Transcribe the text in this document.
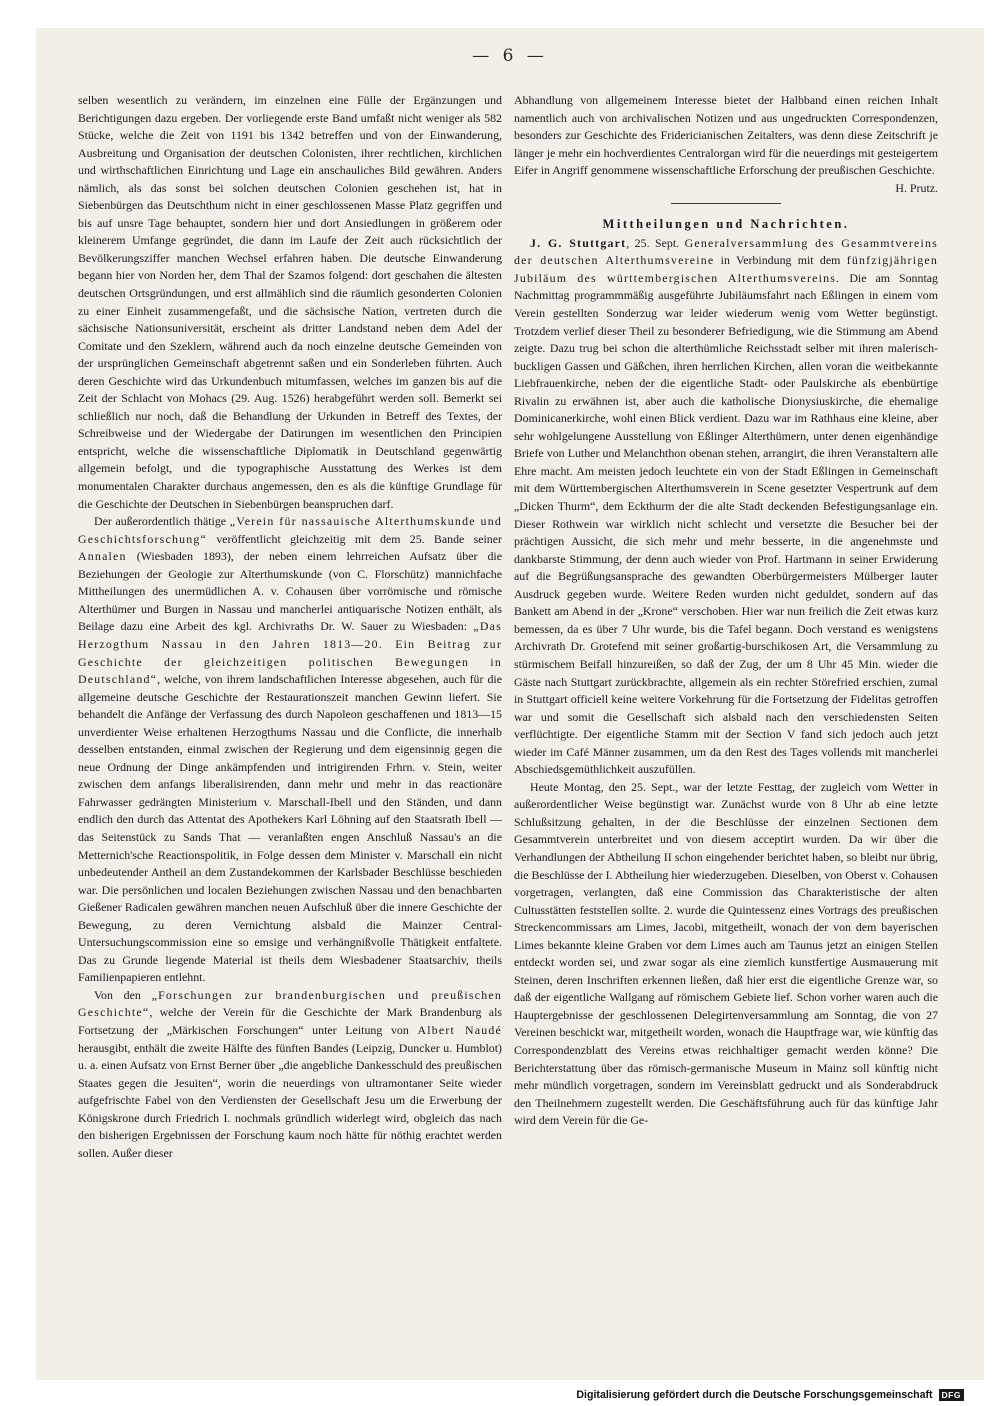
— 6 —

selben wesentlich zu verändern, im einzelnen eine Fülle der Ergänzungen und Berichtigungen dazu ergeben. Der vorliegende erste Band umfaßt nicht weniger als 582 Stücke, welche die Zeit von 1191 bis 1342 betreffen und von der Einwanderung, Ausbreitung und Organisation der deutschen Colonisten, ihrer rechtlichen, kirchlichen und wirthschaftlichen Einrichtung und Lage ein anschauliches Bild gewähren. Anders nämlich, als das sonst bei solchen deutschen Colonien geschehen ist, hat in Siebenbürgen das Deutschthum nicht in einer geschlossenen Masse Platz gegriffen und bis auf unsre Tage behauptet, sondern hier und dort Ansiedlungen in größerem oder kleinerem Umfange gegründet, die dann im Laufe der Zeit auch rücksichtlich der Bevölkerungsziffer manchen Wechsel erfahren haben. Die deutsche Einwanderung begann hier von Norden her, dem Thal der Szamos folgend: dort geschahen die ältesten deutschen Ortsgründungen, und erst allmählich sind die räumlich gesonderten Colonien zu einer Einheit zusammengefaßt, und die sächsische Nation, vertreten durch die sächsische Nationsuniversität, erscheint als dritter Landstand neben dem Adel der Comitate und den Szeklern, während auch da noch einzelne deutsche Gemeinden von der ursprünglichen Gemeinschaft abgetrennt saßen und ein Sonderleben führten. Auch deren Geschichte wird das Urkundenbuch mitumfassen, welches im ganzen bis auf die Zeit der Schlacht von Mohacs (29. Aug. 1526) herabgeführt werden soll. Bemerkt sei schließlich nur noch, daß die Behandlung der Urkunden in Betreff des Textes, der Schreibweise und der Wiedergabe der Datirungen im wesentlichen den Principien entspricht, welche die wissenschaftliche Diplomatik in Deutschland gegenwärtig allgemein befolgt, und die typographische Ausstattung des Werkes ist dem monumentalen Charakter durchaus angemessen, den es als die künftige Grundlage für die Geschichte der Deutschen in Siebenbürgen beanspruchen darf.

Der außerordentlich thätige „Verein für nassauische Alterthumskunde und Geschichtsforschung“ veröffentlicht gleichzeitig mit dem 25. Bande seiner Annalen (Wiesbaden 1893), der neben einem lehrreichen Aufsatz über die Beziehungen der Geologie zur Alterthumskunde (von C. Florschütz) mannichfache Mittheilungen des unermüdlichen A. v. Cohausen über vorrömische und römische Alterthümer und Burgen in Nassau und mancherlei antiquarische Notizen enthält, als Beilage dazu eine Arbeit des kgl. Archivraths Dr. W. Sauer zu Wiesbaden: „Das Herzogthum Nassau in den Jahren 1813—20. Ein Beitrag zur Geschichte der gleichzeitigen politischen Bewegungen in Deutschland“, welche, von ihrem landschaftlichen Interesse abgesehen, auch für die allgemeine deutsche Geschichte der Restaurationszeit manchen Gewinn liefert. Sie behandelt die Anfänge der Verfassung des durch Napoleon geschaffenen und 1813—15 unverdienter Weise erhaltenen Herzogthums Nassau und die Conflicte, die innerhalb desselben entstanden, einmal zwischen der Regierung und dem eigensinnig gegen die neue Ordnung der Dinge ankämpfenden und intrigirenden Frhrn. v. Stein, weiter zwischen dem anfangs liberalisirenden, dann mehr und mehr in das reactionäre Fahrwasser gedrängten Ministerium v. Marschall-Ibell und den Ständen, und dann endlich den durch das Attentat des Apothekers Karl Löhning auf den Staatsrath Ibell — das Seitenstück zu Sands That — veranlaßten engen Anschluß Nassau's an die Metternich'sche Reactionspolitik, in Folge dessen dem Minister v. Marschall ein nicht unbedeutender Antheil an dem Zustandekommen der Karlsbader Beschlüsse beschieden war. Die persönlichen und localen Beziehungen zwischen Nassau und den benachbarten Gießener Radicalen gewähren manchen neuen Aufschluß über die innere Geschichte der Bewegung, zu deren Vernichtung alsbald die Mainzer Central-Untersuchungscommission eine so emsige und verhängnißvolle Thätigkeit entfaltete. Das zu Grunde liegende Material ist theils dem Wiesbadener Staatsarchiv, theils Familienpapieren entlehnt.

Von den „Forschungen zur brandenburgischen und preußischen Geschichte“, welche der Verein für die Geschichte der Mark Brandenburg als Fortsetzung der „Märkischen Forschungen“ unter Leitung von Albert Naudé herausgibt, enthält die zweite Hälfte des fünften Bandes (Leipzig, Duncker u. Humblot) u. a. einen Aufsatz von Ernst Berner über „die angebliche Dankesschuld des preußischen Staates gegen die Jesuiten“, worin die neuerdings von ultramontaner Seite wieder aufgefrischte Fabel von den Verdiensten der Gesellschaft Jesu um die Erwerbung der Königskrone durch Friedrich I. nochmals gründlich widerlegt wird, obgleich das nach den bisherigen Ergebnissen der Forschung kaum noch hätte für nöthig erachtet werden sollen. Außer dieser

Abhandlung von allgemeinem Interesse bietet der Halbband einen reichen Inhalt namentlich auch von archivalischen Notizen und aus ungedruckten Correspondenzen, besonders zur Geschichte des Fridericianischen Zeitalters, was denn diese Zeitschrift je länger je mehr ein hochverdientes Centralorgan wird für die neuerdings mit gesteigertem Eifer in Angriff genommene wissenschaftliche Erforschung der preußischen Geschichte.
H. Prutz.

Mittheilungen und Nachrichten.

J. G. Stuttgart, 25. Sept. Generalversammlung des Gesammtvereins der deutschen Alterthumsvereine in Verbindung mit dem fünfzigjährigen Jubiläum des württembergischen Alterthumsvereins. Die am Sonntag Nachmittag programmmäßig ausgeführte Jubiläumsfahrt nach Eßlingen in einem vom Verein gestellten Sonderzug war leider wiederum wenig vom Wetter begünstigt. Trotzdem verlief dieser Theil zu besonderer Befriedigung, wie die Stimmung am Abend zeigte. Dazu trug bei schon die alterthümliche Reichsstadt selber mit ihren malerisch-buckligen Gassen und Gäßchen, ihren herrlichen Kirchen, allen voran die weitbekannte Liebfrauenkirche, neben der die eigentliche Stadt- oder Paulskirche als ebenbürtige Rivalin zu erwähnen ist, aber auch die katholische Dionysiuskirche, die ehemalige Dominicanerkirche, wohl einen Blick verdient. Dazu war im Rathhaus eine kleine, aber sehr wohlgelungene Ausstellung von Eßlinger Alterthümern, unter denen eigenhändige Briefe von Luther und Melanchthon obenan stehen, arrangirt, die ihren Veranstaltern alle Ehre macht. Am meisten jedoch leuchtete ein von der Stadt Eßlingen in Gemeinschaft mit dem Württembergischen Alterthumsverein in Scene gesetzter Vespertrunk auf dem „Dicken Thurm“, dem Eckthurm der die alte Stadt deckenden Befestigungsanlage ein. Dieser Rothwein war wirklich nicht schlecht und versetzte die Besucher bei der prächtigen Aussicht, die sich mehr und mehr besserte, in die angenehmste und dankbarste Stimmung, der denn auch wieder von Prof. Hartmann in seiner Erwiderung auf die Begrüßungsansprache des gewandten Oberbürgermeisters Mülberger lauter Ausdruck gegeben wurde. Weitere Reden wurden nicht geduldet, sondern auf das Bankett am Abend in der „Krone“ verschoben. Hier war nun freilich die Zeit etwas kurz bemessen, da es über 7 Uhr wurde, bis die Tafel begann. Doch verstand es wenigstens Archivrath Dr. Grotefend mit seiner großartig-burschikosen Art, die Versammlung zu stürmischem Beifall hinzureißen, so daß der Zug, der um 8 Uhr 45 Min. wieder die Gäste nach Stuttgart zurückbrachte, allgemein als ein rechter Störefried erschien, zumal in Stuttgart officiell keine weitere Vorkehrung für die Fortsetzung der Fidelitas getroffen war und somit die Gesellschaft sich alsbald nach den verschiedensten Seiten verflüchtigte. Der eigentliche Stamm mit der Section V fand sich jedoch auch jetzt wieder im Café Männer zusammen, um da den Rest des Tages vollends mit mancherlei Abschiedsgemüthlichkeit auszufüllen.

Heute Montag, den 25. Sept., war der letzte Festtag, der zugleich vom Wetter in außerordentlicher Weise begünstigt war. Zunächst wurde von 8 Uhr ab eine letzte Schlußsitzung gehalten, in der die Beschlüsse der einzelnen Sectionen dem Gesammtverein unterbreitet und von diesem acceptirt wurden. Da wir über die Verhandlungen der Abtheilung II schon eingehender berichtet haben, so bleibt nur übrig, die Beschlüsse der I. Abtheilung hier wiederzugeben. Dieselben, von Oberst v. Cohausen vorgetragen, verlangten, daß eine Commission das Charakteristische der alten Cultusstätten feststellen sollte. 2. wurde die Quintessenz eines Vortrags des preußischen Streckencommissars am Limes, Jacobi, mitgetheilt, wonach der von dem bayerischen Limes bekannte kleine Graben vor dem Limes auch am Taunus jetzt an einigen Stellen entdeckt worden sei, und zwar sogar als eine ziemlich kunstfertige Ausmauerung mit Steinen, deren Inschriften erkennen ließen, daß hier erst die eigentliche Grenze war, so daß der eigentliche Wallgang auf römischem Gebiete lief. Schon vorher waren auch die Hauptergebnisse der geschlossenen Delegirtenversammlung am Sonntag, die von 27 Vereinen beschickt war, mitgetheilt worden, wonach die Hauptfrage war, wie künftig das Correspondenzblatt des Vereins etwas reichhaltiger gemacht werden könne? Die Berichterstattung über das römisch-germanische Museum in Mainz soll künftig nicht mehr mündlich vorgetragen, sondern im Vereinsblatt gedruckt und als Sonderabdruck den Theilnehmern zugestellt werden. Die Geschäftsführung auch für das künftige Jahr wird dem Verein für die Ge-

Digitalisierung gefördert durch die Deutsche Forschungsgemeinschaft	DFG
